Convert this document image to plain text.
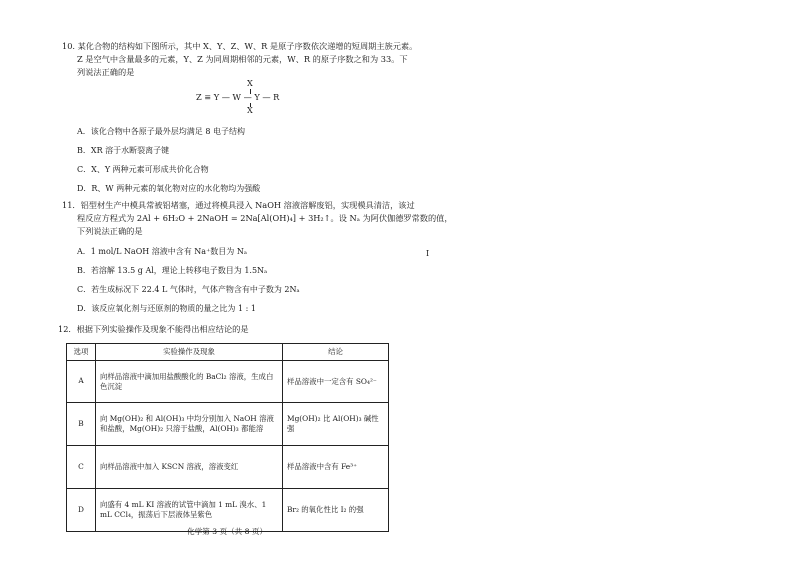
10. 某化合物的结构如下图所示，其中 X、Y、Z、W、R 是原子序数依次递增的短周期主族元素。
Z 是空气中含量最多的元素，Y、Z 为同周期相邻的元素，W、R 的原子序数之和为 33。下
列说法正确的是
X
Z ≡ Y — W — Y — R
X
A．该化合物中各原子最外层均满足 8 电子结构
B．XR 溶于水断裂离子键
C．X、Y 两种元素可形成共价化合物
D．R、W 两种元素的氧化物对应的水化物均为强酸
11．铝型材生产中模具常被铝堵塞，通过将模具浸入 NaOH 溶液溶解废铝，实现模具清洁，该过
程反应方程式为 2Al + 6H₂O + 2NaOH = 2Na[Al(OH)₄] + 3H₂↑。设 Nₐ 为阿伏伽德罗常数的值，
下列说法正确的是
A．1 mol/L NaOH 溶液中含有 Na⁺数目为 Nₐ
B．若溶解 13.5 g Al，理论上转移电子数目为 1.5Nₐ
C．若生成标况下 22.4 L 气体时，气体产物含有中子数为 2Nₐ
D．该反应氧化剂与还原剂的物质的量之比为 1 : 1
12．根据下列实验操作及现象不能得出相应结论的是
选项	实验操作及现象	结论
A	向样品溶液中滴加用盐酸酸化的 BaCl₂ 溶液，生成白色沉淀	样品溶液中一定含有 SO₄²⁻
B	向 Mg(OH)₂ 和 Al(OH)₃ 中均分别加入 NaOH 溶液和盐酸，Mg(OH)₂ 只溶于盐酸，Al(OH)₃ 都能溶	Mg(OH)₂ 比 Al(OH)₃ 碱性强
C	向样品溶液中加入 KSCN 溶液，溶液变红	样品溶液中含有 Fe³⁺
D	向盛有 4 mL KI 溶液的试管中滴加 1 mL 溴水、1 mL CCl₄，振荡后下层液体呈紫色	Br₂ 的氧化性比 I₂ 的强
化学第 3 页（共 8 页）
I
